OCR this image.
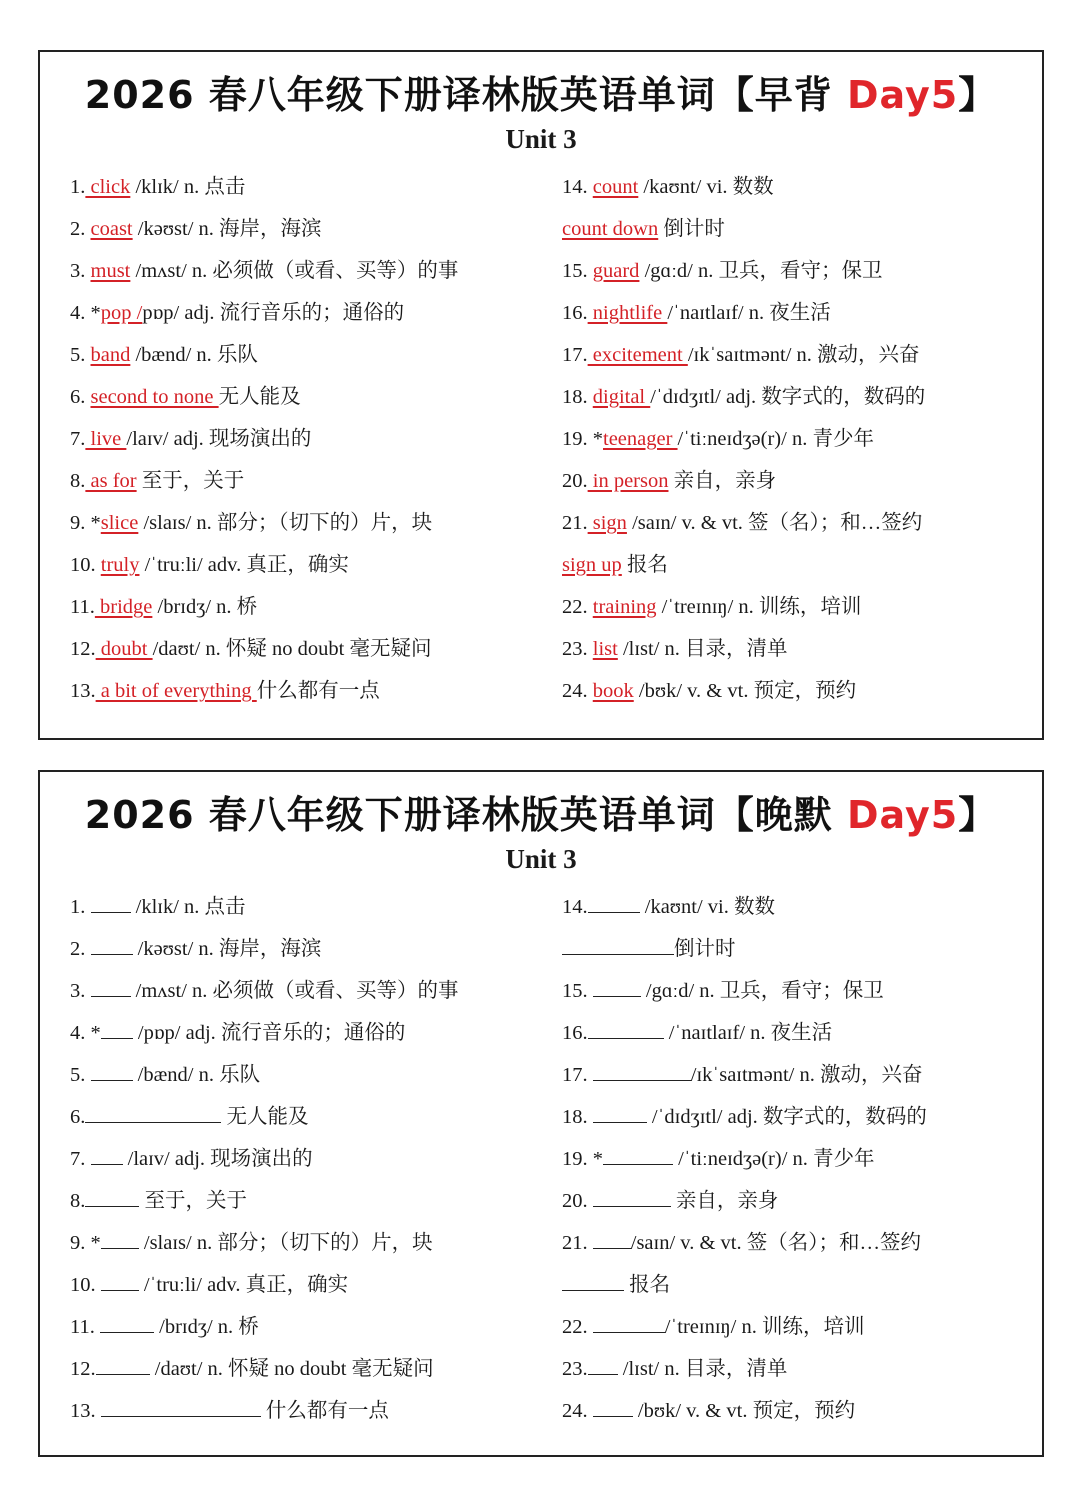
2026 春八年级下册译林版英语单词【早背 Day5】
Unit 3
1. click /klɪk/ n. 点击
2. coast /kəʊst/ n. 海岸，海滨
3. must /mʌst/ n. 必须做（或看、买等）的事
4. *pop /pɒp/ adj. 流行音乐的；通俗的
5. band /bænd/ n. 乐队
6. second to none 无人能及
7. live /laɪv/ adj. 现场演出的
8. as for 至于，关于
9. *slice /slaɪs/ n. 部分；（切下的）片，块
10. truly /ˈtruːli/ adv. 真正，确实
11. bridge /brɪdʒ/ n. 桥
12. doubt /daʊt/ n. 怀疑 no doubt 毫无疑问
13. a bit of everything 什么都有一点
14. count /kaʊnt/ vi. 数数
count down 倒计时
15. guard /gɑːd/ n. 卫兵，看守；保卫
16. nightlife /ˈnaɪtlaɪf/ n. 夜生活
17. excitement /ɪkˈsaɪtmənt/ n. 激动，兴奋
18. digital /ˈdɪdʒɪtl/ adj. 数字式的，数码的
19. *teenager /ˈtiːneɪdʒə(r)/ n. 青少年
20. in person 亲自，亲身
21. sign /saɪn/ v. & vt. 签（名）；和…签约
sign up 报名
22. training /ˈtreɪnɪŋ/ n. 训练，培训
23. list /lɪst/ n. 目录，清单
24. book /bʊk/ v. & vt. 预定，预约
2026 春八年级下册译林版英语单词【晚默 Day5】
Unit 3
1.  /klɪk/ n. 点击
2.  /kəʊst/ n. 海岸，海滨
3.  /mʌst/ n. 必须做（或看、买等）的事
4. * /pɒp/ adj. 流行音乐的；通俗的
5.  /bænd/ n. 乐队
6.	无人能及
7.  /laɪv/ adj. 现场演出的
8.	至于，关于
9. * /slaɪs/ n. 部分；（切下的）片，块
10.  /ˈtruːli/ adv. 真正，确实
11.	/brɪdʒ/ n. 桥
12.	/daʊt/ n. 怀疑 no doubt 毫无疑问
13.	什么都有一点
14.	/kaʊnt/ vi. 数数
倒计时
15.  /gɑːd/ n. 卫兵，看守；保卫
16.	/ˈnaɪtlaɪf/ n. 夜生活
17.	/ɪkˈsaɪtmənt/ n. 激动，兴奋
18.	/ˈdɪdʒɪtl/ adj. 数字式的，数码的
19. *	/ˈtiːneɪdʒə(r)/ n. 青少年
20.	亲自，亲身
21. /saɪn/ v. & vt. 签（名）；和…签约
报名
22.	/ˈtreɪnɪŋ/ n. 训练，培训
23. /lɪst/ n. 目录，清单
24.  /bʊk/ v. & vt. 预定，预约
